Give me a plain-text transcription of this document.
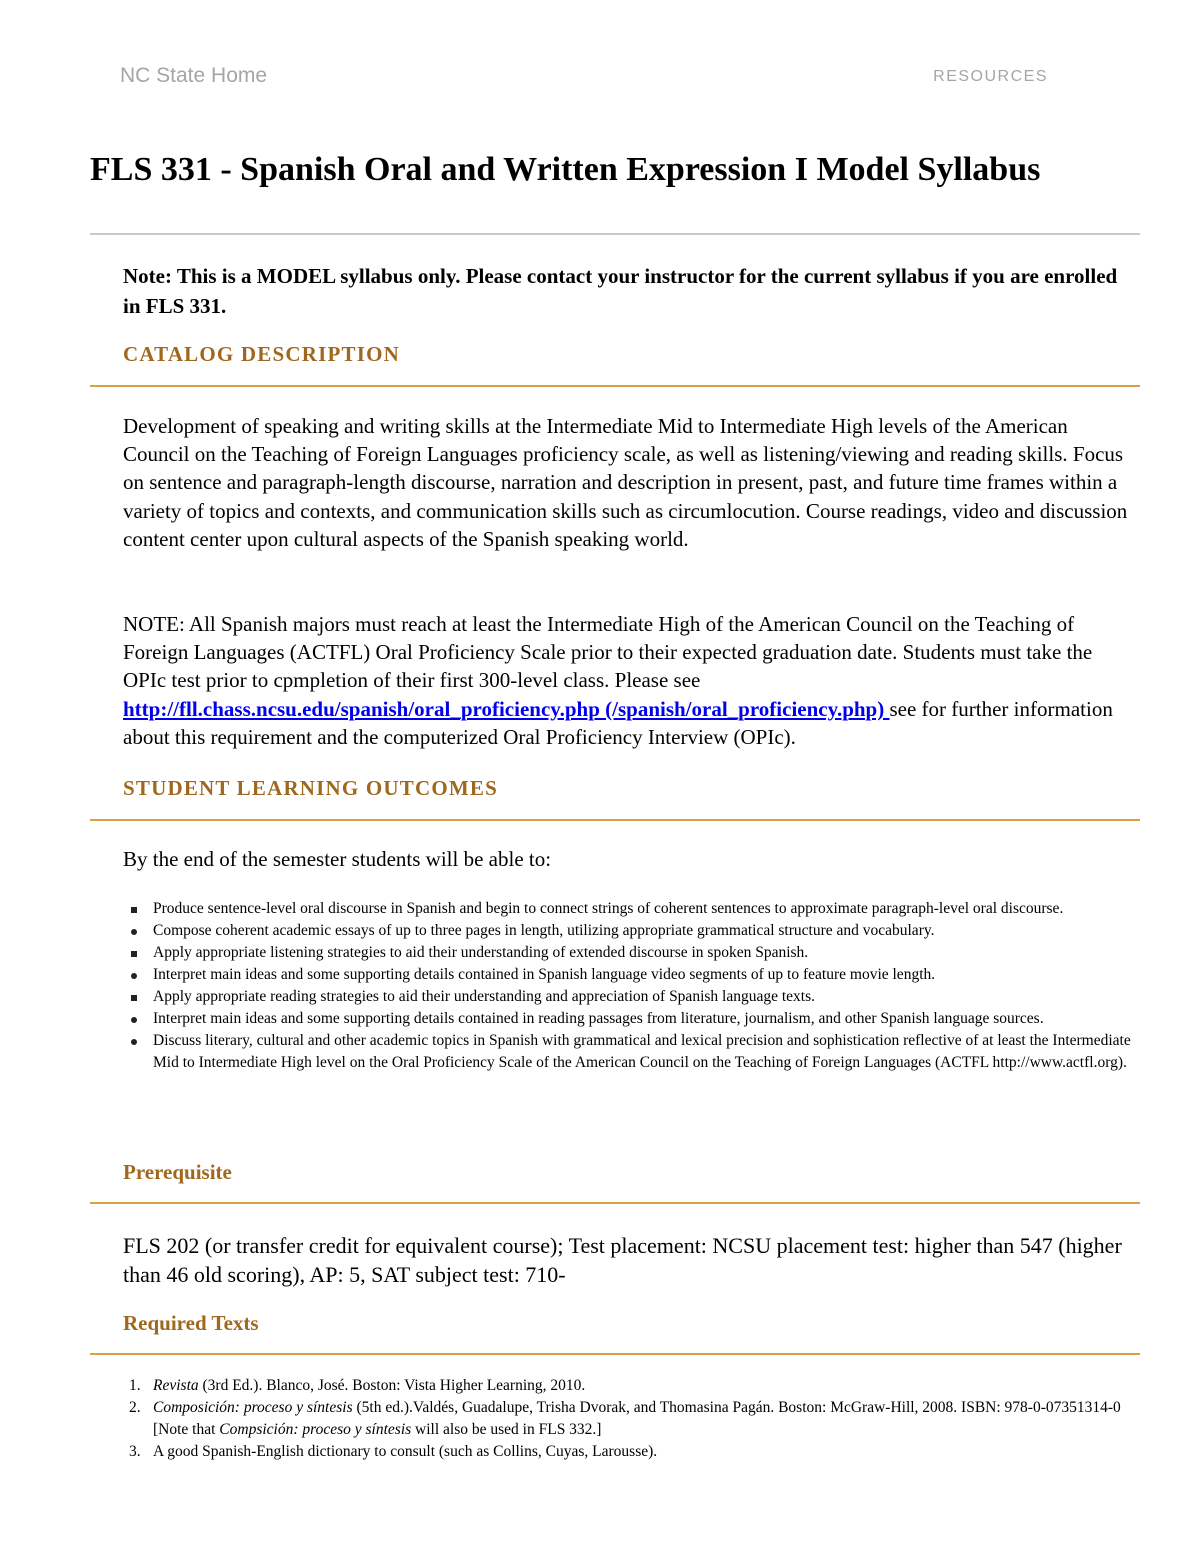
NC State Home	RESOURCES
FLS 331 - Spanish Oral and Written Expression I Model Syllabus

Note: This is a MODEL syllabus only. Please contact your instructor for the current syllabus if you are enrolled in FLS 331.

CATALOG DESCRIPTION

Development of speaking and writing skills at the Intermediate Mid to Intermediate High levels of the American Council on the Teaching of Foreign Languages proficiency scale, as well as listening/viewing and reading skills. Focus on sentence and paragraph-length discourse, narration and description in present, past, and future time frames within a variety of topics and contexts, and communication skills such as circumlocution. Course readings, video and discussion content center upon cultural aspects of the Spanish speaking world.

NOTE: All Spanish majors must reach at least the Intermediate High of the American Council on the Teaching of Foreign Languages (ACTFL) Oral Proficiency Scale prior to their expected graduation date. Students must take the OPIc test prior to cpmpletion of their first 300-level class. Please see http://fll.chass.ncsu.edu/spanish/oral_proficiency.php (/spanish/oral_proficiency.php) see for further information about this requirement and the computerized Oral Proficiency Interview (OPIc).

STUDENT LEARNING OUTCOMES

By the end of the semester students will be able to:

Produce sentence-level oral discourse in Spanish and begin to connect strings of coherent sentences to approximate paragraph-level oral discourse.
Compose coherent academic essays of up to three pages in length, utilizing appropriate grammatical structure and vocabulary.
Apply appropriate listening strategies to aid their understanding of extended discourse in spoken Spanish.
Interpret main ideas and some supporting details contained in Spanish language video segments of up to feature movie length.
Apply appropriate reading strategies to aid their understanding and appreciation of Spanish language texts.
Interpret main ideas and some supporting details contained in reading passages from literature, journalism, and other Spanish language sources.
Discuss literary, cultural and other academic topics in Spanish with grammatical and lexical precision and sophistication reflective of at least the Intermediate Mid to Intermediate High level on the Oral Proficiency Scale of the American Council on the Teaching of Foreign Languages (ACTFL http://www.actfl.org).
Prerequisite

FLS 202 (or transfer credit for equivalent course); Test placement: NCSU placement test: higher than 547 (higher than 46 old scoring), AP: 5, SAT subject test: 710-

Required Texts
1. Revista (3rd Ed.). Blanco, José. Boston: Vista Higher Learning, 2010.
2. Composición: proceso y síntesis (5th ed.).Valdés, Guadalupe, Trisha Dvorak, and Thomasina Pagán. Boston: McGraw-Hill, 2008. ISBN: 978-0-07351314-0 [Note that Compsición: proceso y síntesis will also be used in FLS 332.]
3. A good Spanish-English dictionary to consult (such as Collins, Cuyas, Larousse).
